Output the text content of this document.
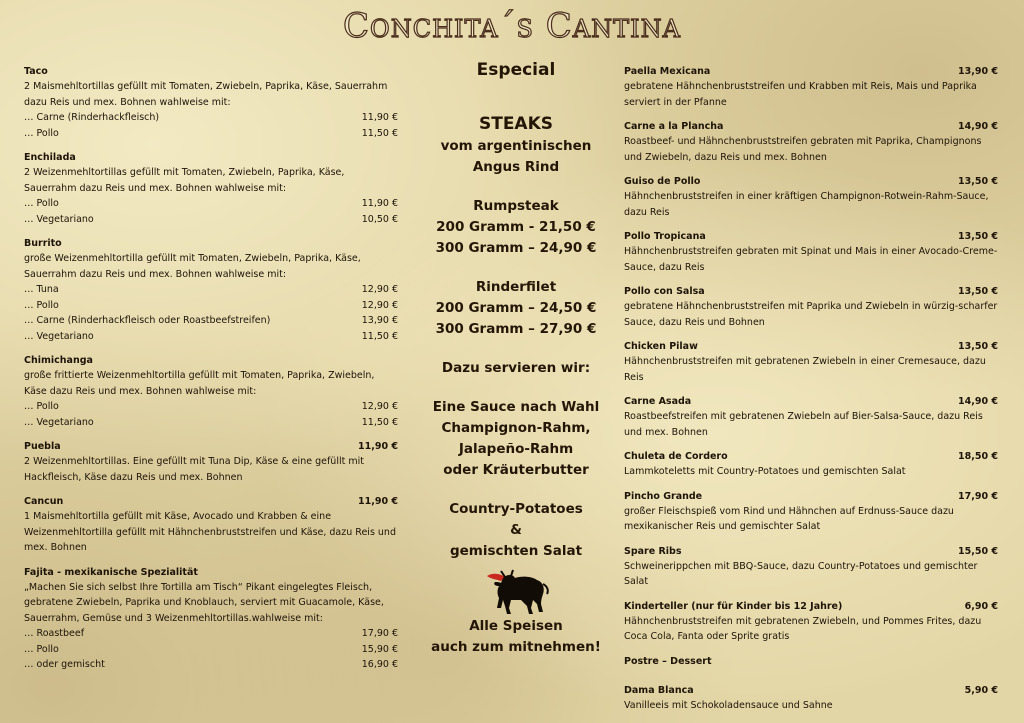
Conchita´s Cantina
Taco
2 Maismehltortillas gefüllt mit Tomaten, Zwiebeln, Paprika, Käse, Sauerrahm dazu Reis und mex. Bohnen wahlweise mit:
… Carne (Rinderhackfleisch)	11,90 €
… Pollo	11,50 €
Enchilada
2 Weizenmehltortillas gefüllt mit Tomaten, Zwiebeln, Paprika, Käse, Sauerrahm dazu Reis und mex. Bohnen wahlweise mit:
… Pollo	11,90 €
… Vegetariano	10,50 €
Burrito
große Weizenmehltortilla gefüllt mit Tomaten, Zwiebeln, Paprika, Käse, Sauerrahm dazu Reis und mex. Bohnen wahlweise mit:
… Tuna	12,90 €
… Pollo	12,90 €
… Carne (Rinderhackfleisch oder Roastbeefstreifen)	13,90 €
… Vegetariano	11,50 €
Chimichanga
große frittierte Weizenmehltortilla gefüllt mit Tomaten, Paprika, Zwiebeln, Käse dazu Reis und mex. Bohnen wahlweise mit:
… Pollo	12,90 €
… Vegetariano	11,50 €
Puebla	11,90 €
2 Weizenmehltortillas. Eine gefüllt mit Tuna Dip, Käse & eine gefüllt mit Hackfleisch, Käse dazu Reis und mex. Bohnen
Cancun	11,90 €
1 Maismehltortilla gefüllt mit Käse, Avocado und Krabben & eine Weizenmehltortilla gefüllt mit Hähnchenbruststreifen und Käse, dazu Reis und mex. Bohnen
Fajita - mexikanische Spezialität
„Machen Sie sich selbst Ihre Tortilla am Tisch“ Pikant eingelegtes Fleisch, gebratene Zwiebeln, Paprika und Knoblauch, serviert mit Guacamole, Käse, Sauerrahm, Gemüse und 3 Weizenmehltortillas.wahlweise mit:
… Roastbeef	17,90 €
… Pollo	15,90 €
… oder gemischt	16,90 €
Especial
STEAKS
vom argentinischen
Angus Rind
Rumpsteak
200 Gramm - 21,50 €
300 Gramm – 24,90 €
Rinderfilet
200 Gramm – 24,50 €
300 Gramm – 27,90 €
Dazu servieren wir:
Eine Sauce nach Wahl
Champignon-Rahm,
Jalapeño-Rahm
oder Kräuterbutter
Country-Potatoes
&
gemischten Salat
Alle Speisen
auch zum mitnehmen!
Paella Mexicana	13,90 €
gebratene Hähnchenbruststreifen und Krabben mit Reis, Mais und Paprika serviert in der Pfanne
Carne a la Plancha	14,90 €
Roastbeef- und Hähnchenbruststreifen gebraten mit Paprika, Champignons und Zwiebeln, dazu Reis und mex. Bohnen
Guiso de Pollo	13,50 €
Hähnchenbruststreifen in einer kräftigen Champignon-Rotwein-Rahm-Sauce, dazu Reis
Pollo Tropicana	13,50 €
Hähnchenbruststreifen gebraten mit Spinat und Mais in einer Avocado-Creme-Sauce, dazu Reis
Pollo con Salsa	13,50 €
gebratene Hähnchenbruststreifen mit Paprika und Zwiebeln in würzig-scharfer Sauce, dazu Reis und Bohnen
Chicken Pilaw	13,50 €
Hähnchenbruststreifen mit gebratenen Zwiebeln in einer Cremesauce, dazu Reis
Carne Asada	14,90 €
Roastbeefstreifen mit gebratenen Zwiebeln auf Bier-Salsa-Sauce, dazu Reis und mex. Bohnen
Chuleta de Cordero	18,50 €
Lammkoteletts mit Country-Potatoes und gemischten Salat
Pincho Grande	17,90 €
großer Fleischspieß vom Rind und Hähnchen auf Erdnuss-Sauce dazu mexikanischer Reis und gemischter Salat
Spare Ribs	15,50 €
Schweinerippchen mit BBQ-Sauce, dazu Country-Potatoes und gemischter Salat
Kinderteller (nur für Kinder bis 12 Jahre)	6,90 €
Hähnchenbruststreifen mit gebratenen Zwiebeln, und Pommes Frites, dazu Coca Cola, Fanta oder Sprite gratis
Postre – Dessert
Dama Blanca	5,90 €
Vanilleeis mit Schokoladensauce und Sahne
